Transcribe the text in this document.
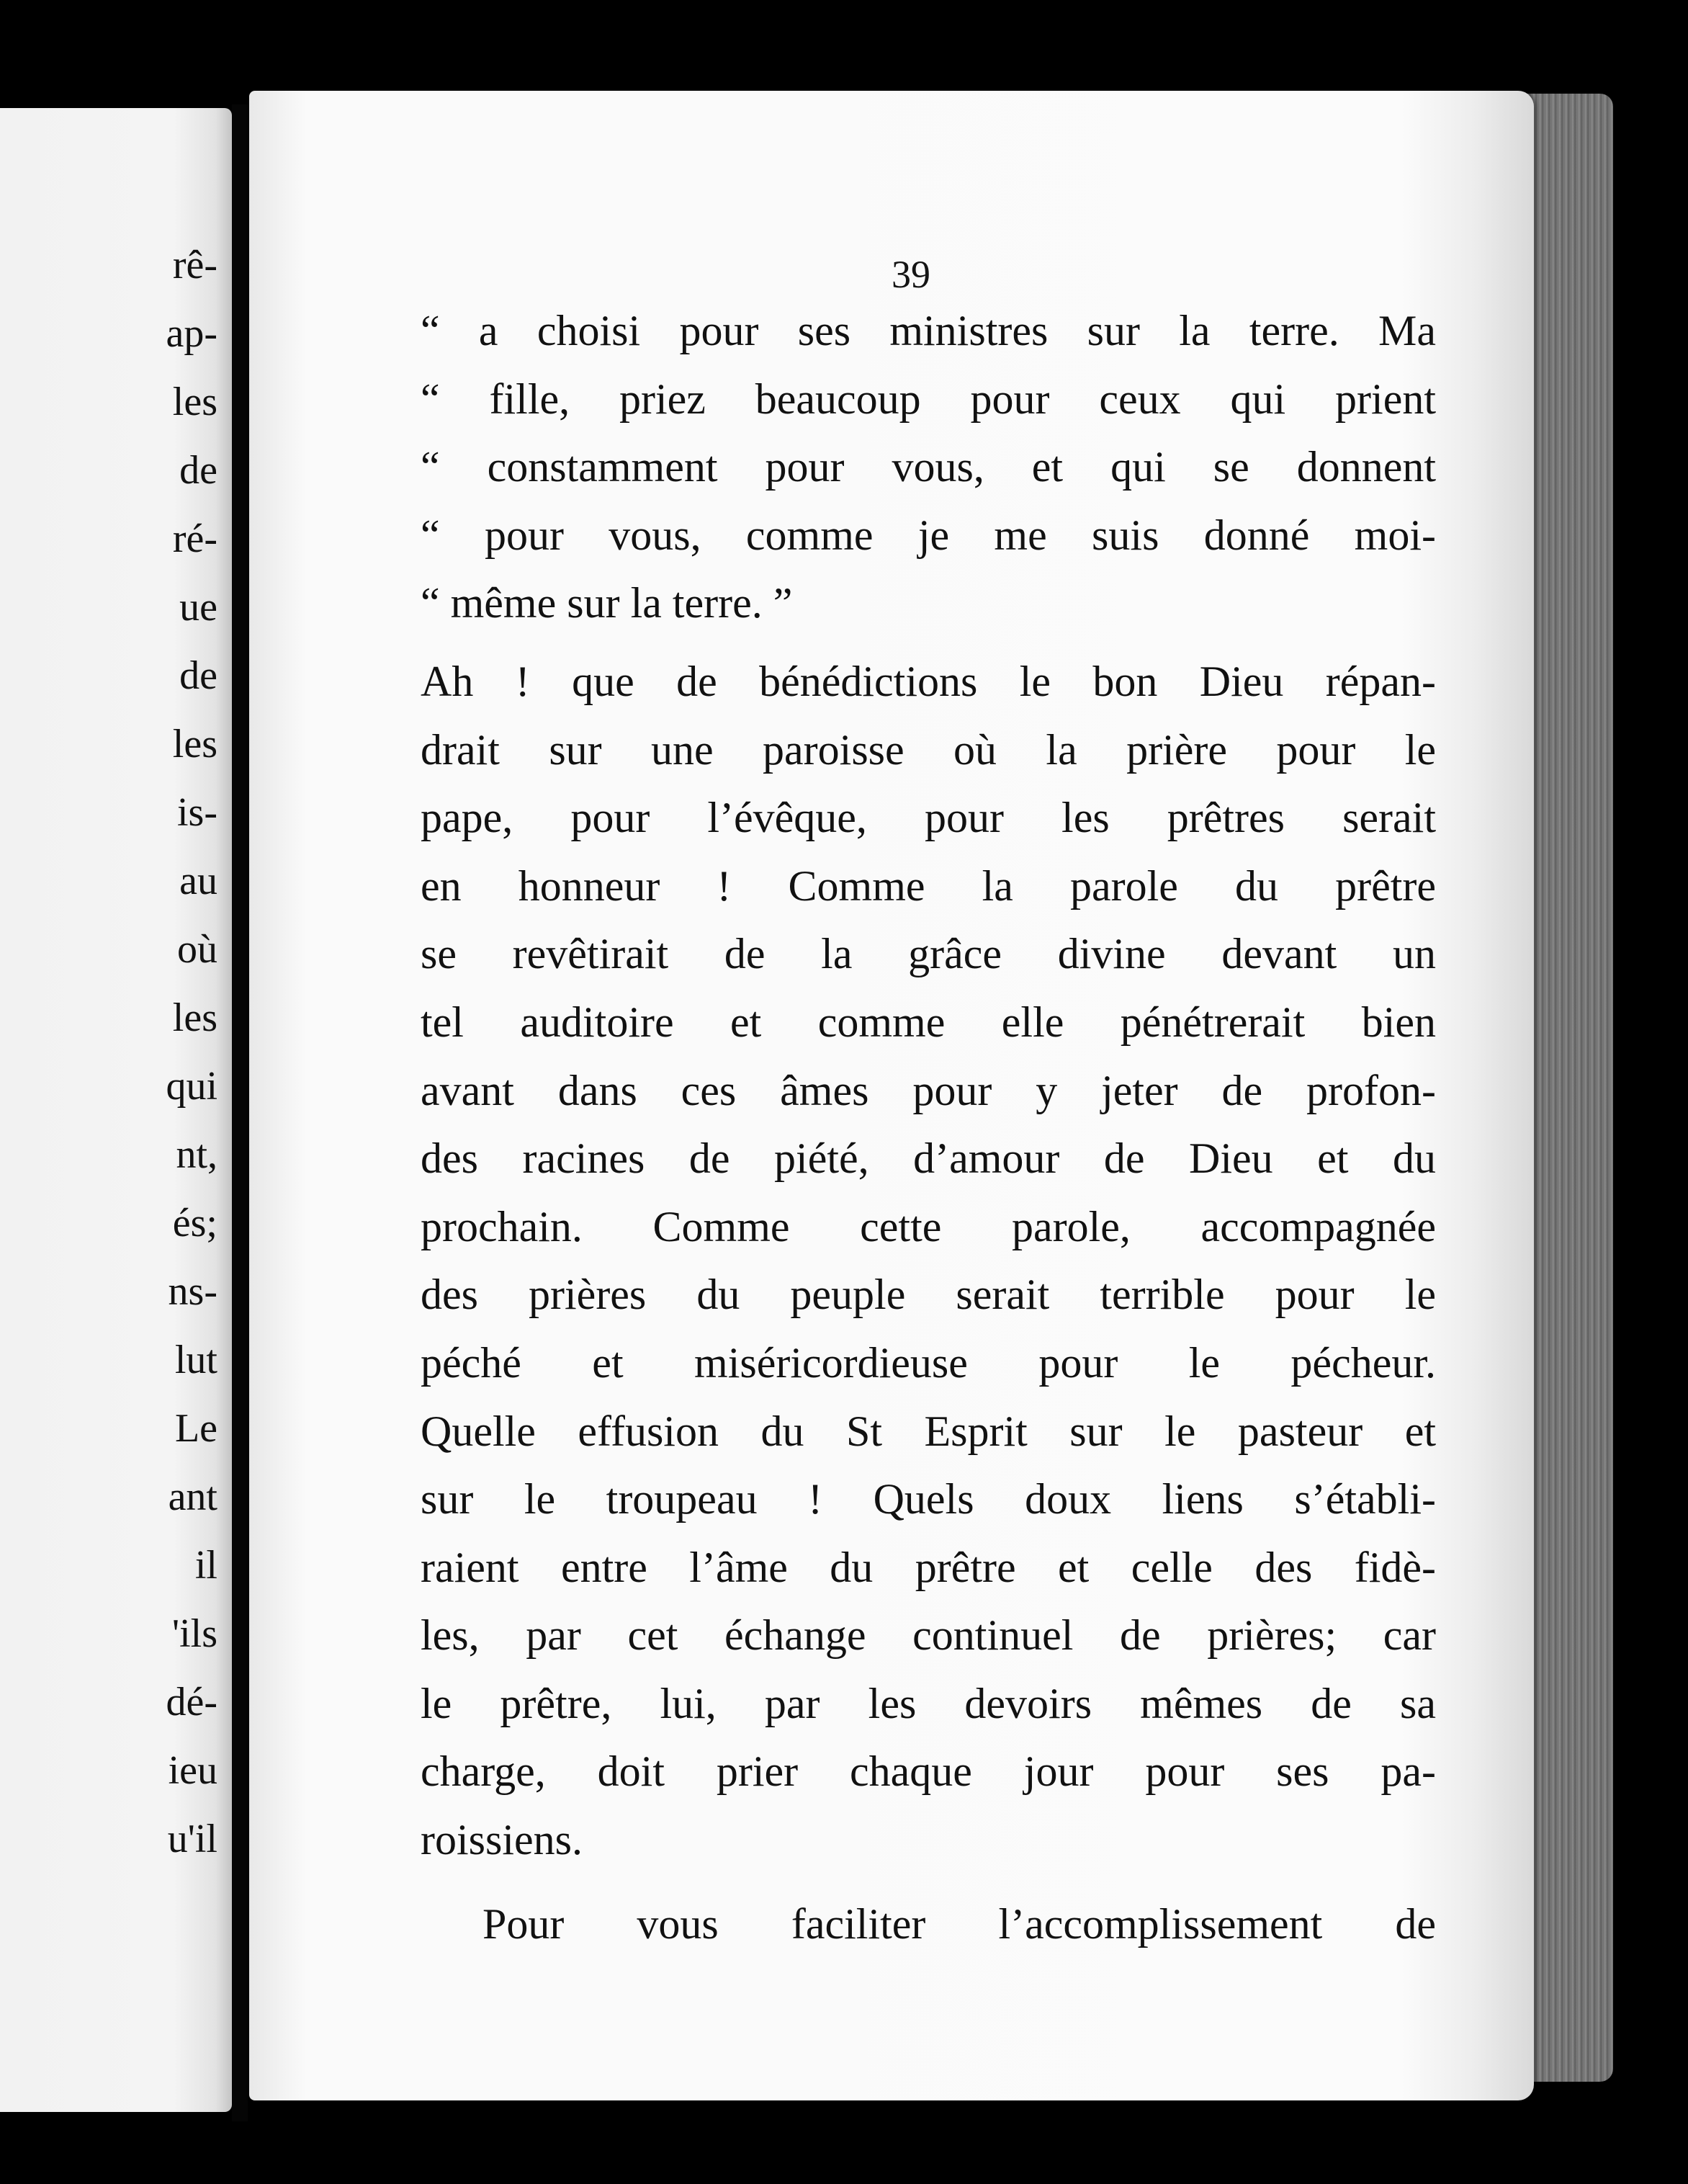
rê-
ap-
les
de
ré-
ue
de
les
is-
au
où
les
qui
nt,
és;
ns-
lut
Le
ant
il
'ils
dé-
ieu
u'il
39
“ a choisi pour ses ministres sur la terre. Ma
“ fille, priez beaucoup pour ceux qui prient
“ constamment pour vous, et qui se donnent
“ pour vous, comme je me suis donné moi-
“ même sur la terre. ”
Ah ! que de bénédictions le bon Dieu répan-
drait sur une paroisse où la prière pour le
pape, pour l’évêque, pour les prêtres serait
en honneur ! Comme la parole du prêtre
se revêtirait de la grâce divine devant un
tel auditoire et comme elle pénétrerait bien
avant dans ces âmes pour y jeter de profon-
des racines de piété, d’amour de Dieu et du
prochain. Comme cette parole, accompagnée
des prières du peuple serait terrible pour le
péché et miséricordieuse pour le pécheur.
Quelle effusion du St Esprit sur le pasteur et
sur le troupeau ! Quels doux liens s’établi-
raient entre l’âme du prêtre et celle des fidè-
les, par cet échange continuel de prières; car
le prêtre, lui, par les devoirs mêmes de sa
charge, doit prier chaque jour pour ses pa-
roissiens.
Pour vous faciliter l’accomplissement de
